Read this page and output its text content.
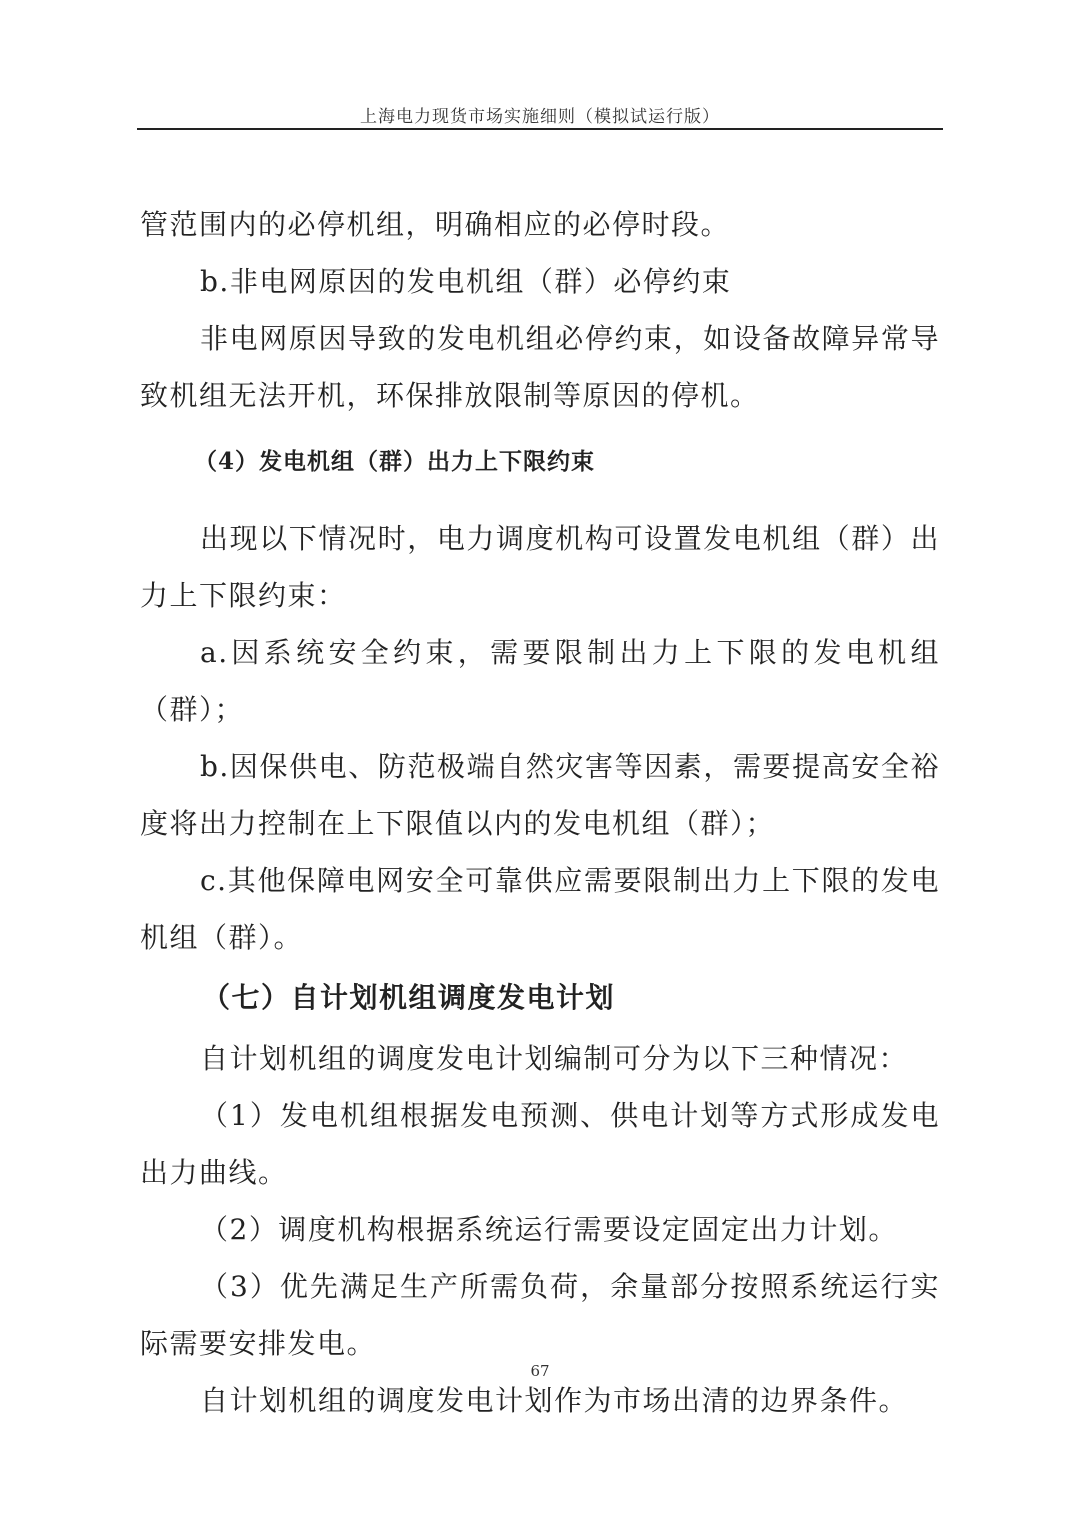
上海电力现货市场实施细则（模拟试运行版）

管范围内的必停机组，明确相应的必停时段。

b.非电网原因的发电机组（群）必停约束

非电网原因导致的发电机组必停约束，如设备故障异常导致机组无法开机，环保排放限制等原因的停机。

（4）发电机组（群）出力上下限约束

出现以下情况时，电力调度机构可设置发电机组（群）出力上下限约束：

a.因系统安全约束，需要限制出力上下限的发电机组（群）；

b.因保供电、防范极端自然灾害等因素，需要提高安全裕度将出力控制在上下限值以内的发电机组（群）；

c.其他保障电网安全可靠供应需要限制出力上下限的发电机组（群）。

（七）自计划机组调度发电计划

自计划机组的调度发电计划编制可分为以下三种情况：

（1）发电机组根据发电预测、供电计划等方式形成发电出力曲线。

（2）调度机构根据系统运行需要设定固定出力计划。

（3）优先满足生产所需负荷，余量部分按照系统运行实际需要安排发电。

自计划机组的调度发电计划作为市场出清的边界条件。

67
